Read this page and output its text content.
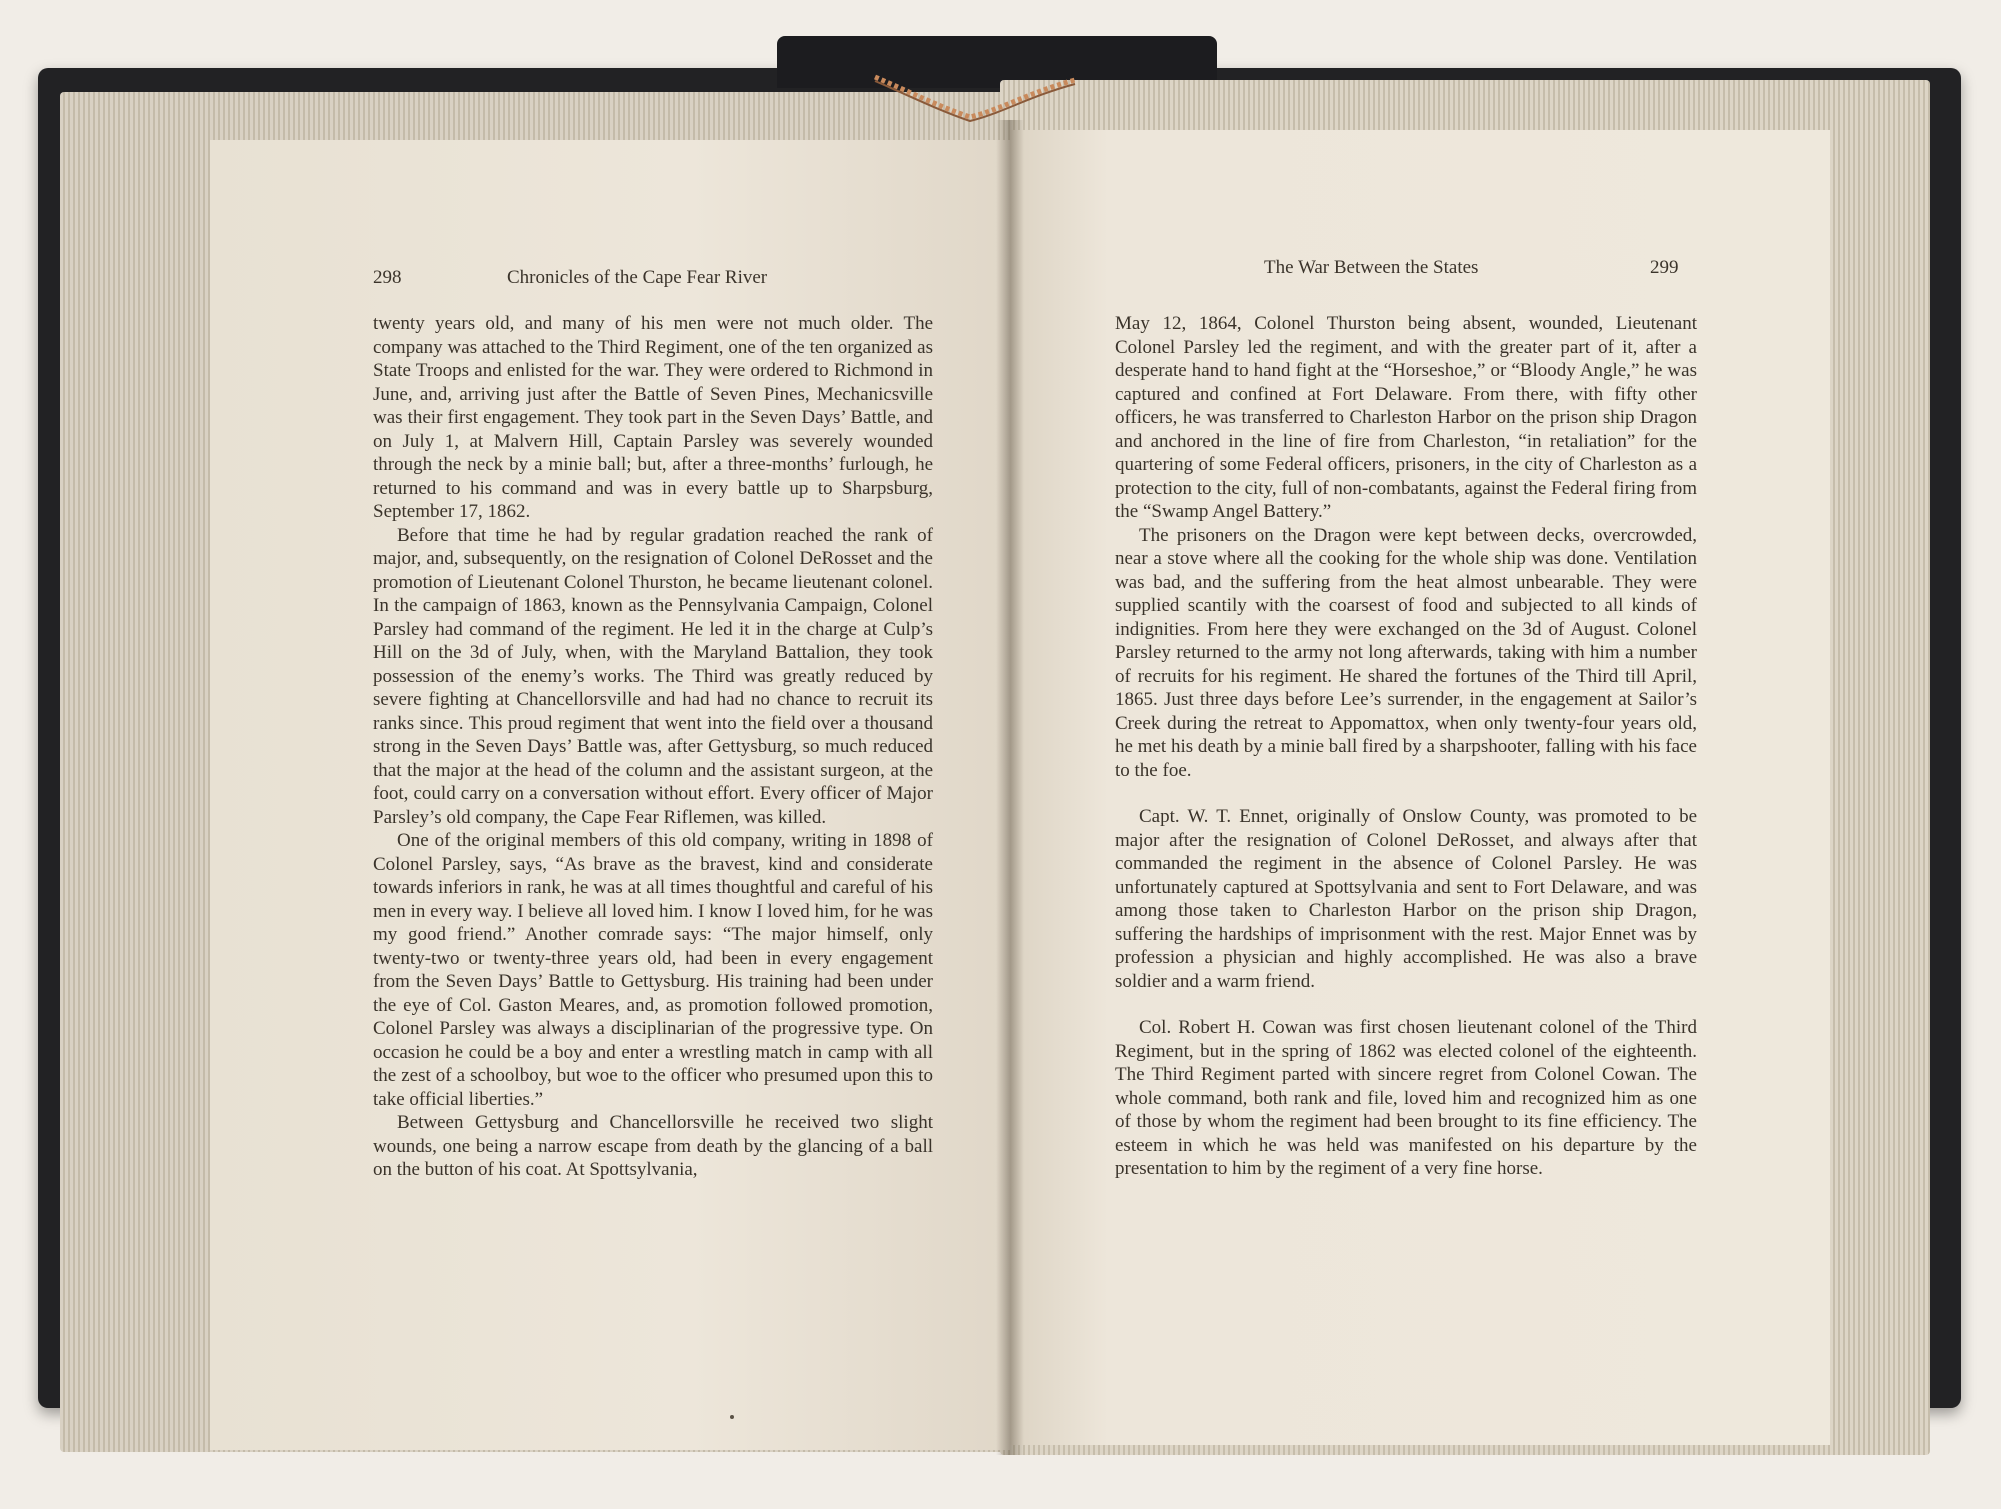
298	Chronicles of the Cape Fear River

twenty years old, and many of his men were not much older. The company was attached to the Third Regiment, one of the ten organized as State Troops and enlisted for the war. They were ordered to Richmond in June, and, arriving just after the Battle of Seven Pines, Mechanicsville was their first engagement. They took part in the Seven Days’ Battle, and on July 1, at Malvern Hill, Captain Parsley was severely wounded through the neck by a minie ball; but, after a three-months’ furlough, he returned to his command and was in every battle up to Sharpsburg, September 17, 1862.

Before that time he had by regular gradation reached the rank of major, and, subsequently, on the resignation of Colonel DeRosset and the promotion of Lieutenant Colonel Thurston, he became lieutenant colonel. In the campaign of 1863, known as the Pennsylvania Campaign, Colonel Parsley had command of the regiment. He led it in the charge at Culp’s Hill on the 3d of July, when, with the Maryland Battalion, they took possession of the enemy’s works. The Third was greatly reduced by severe fighting at Chancellorsville and had had no chance to recruit its ranks since. This proud regiment that went into the field over a thousand strong in the Seven Days’ Battle was, after Gettysburg, so much reduced that the major at the head of the column and the assistant surgeon, at the foot, could carry on a conversation without effort. Every officer of Major Parsley’s old company, the Cape Fear Riflemen, was killed.

One of the original members of this old company, writing in 1898 of Colonel Parsley, says, “As brave as the bravest, kind and considerate towards inferiors in rank, he was at all times thoughtful and careful of his men in every way. I believe all loved him. I know I loved him, for he was my good friend.” Another comrade says: “The major himself, only twenty-two or twenty-three years old, had been in every engagement from the Seven Days’ Battle to Gettysburg. His training had been under the eye of Col. Gaston Meares, and, as promotion followed promotion, Colonel Parsley was always a disciplinarian of the progressive type. On occasion he could be a boy and enter a wrestling match in camp with all the zest of a schoolboy, but woe to the officer who presumed upon this to take official liberties.”

Between Gettysburg and Chancellorsville he received two slight wounds, one being a narrow escape from death by the glancing of a ball on the button of his coat. At Spottsylvania,

The War Between the States	299

May 12, 1864, Colonel Thurston being absent, wounded, Lieutenant Colonel Parsley led the regiment, and with the greater part of it, after a desperate hand to hand fight at the “Horseshoe,” or “Bloody Angle,” he was captured and confined at Fort Delaware. From there, with fifty other officers, he was transferred to Charleston Harbor on the prison ship Dragon and anchored in the line of fire from Charleston, “in retaliation” for the quartering of some Federal officers, prisoners, in the city of Charleston as a protection to the city, full of non-combatants, against the Federal firing from the “Swamp Angel Battery.”

The prisoners on the Dragon were kept between decks, overcrowded, near a stove where all the cooking for the whole ship was done. Ventilation was bad, and the suffering from the heat almost unbearable. They were supplied scantily with the coarsest of food and subjected to all kinds of indignities. From here they were exchanged on the 3d of August. Colonel Parsley returned to the army not long afterwards, taking with him a number of recruits for his regiment. He shared the fortunes of the Third till April, 1865. Just three days before Lee’s surrender, in the engagement at Sailor’s Creek during the retreat to Appomattox, when only twenty-four years old, he met his death by a minie ball fired by a sharpshooter, falling with his face to the foe.

Capt. W. T. Ennet, originally of Onslow County, was promoted to be major after the resignation of Colonel DeRosset, and always after that commanded the regiment in the absence of Colonel Parsley. He was unfortunately captured at Spottsylvania and sent to Fort Delaware, and was among those taken to Charleston Harbor on the prison ship Dragon, suffering the hardships of imprisonment with the rest. Major Ennet was by profession a physician and highly accomplished. He was also a brave soldier and a warm friend.

Col. Robert H. Cowan was first chosen lieutenant colonel of the Third Regiment, but in the spring of 1862 was elected colonel of the eighteenth. The Third Regiment parted with sincere regret from Colonel Cowan. The whole command, both rank and file, loved him and recognized him as one of those by whom the regiment had been brought to its fine efficiency. The esteem in which he was held was manifested on his departure by the presentation to him by the regiment of a very fine horse.
